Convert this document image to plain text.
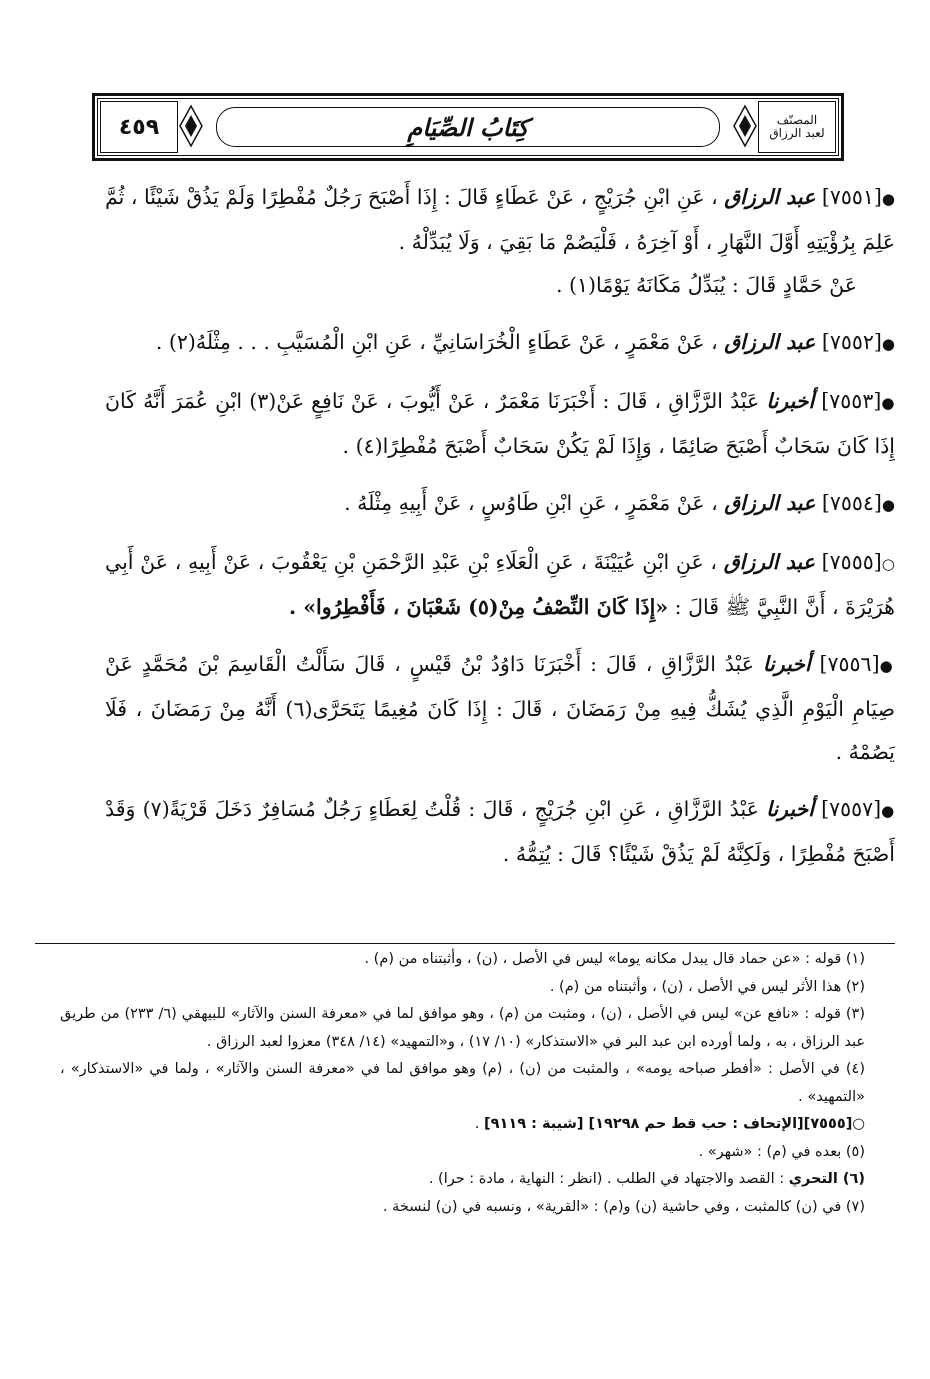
٤٥٩	كِتَابُ الصِّيَامِ	المصنّف
لعبد الرزاق

●[٧٥٥١] عبد الرزاق ، عَنِ ابْنِ جُرَيْجٍ ، عَنْ عَطَاءٍ قَالَ : إِذَا أَصْبَحَ رَجُلٌ مُفْطِرًا وَلَمْ يَذُقْ شَيْئًا ، ثُمَّ عَلِمَ بِرُؤْيَتِهِ أَوَّلَ النَّهَارِ ، أَوْ آخِرَهُ ، فَلْيَصُمْ مَا بَقِيَ ، وَلَا يُبَدِّلْهُ .

عَنْ حَمَّادٍ قَالَ : يُبَدِّلُ مَكَانَهُ يَوْمًا(١) .

●[٧٥٥٢] عبد الرزاق ، عَنْ مَعْمَرٍ ، عَنْ عَطَاءٍ الْخُرَاسَانِيِّ ، عَنِ ابْنِ الْمُسَيَّبِ . . . مِثْلَهُ(٢) .

●[٧٥٥٣] أخبرنا عَبْدُ الرَّزَّاقِ ، قَالَ : أَخْبَرَنَا مَعْمَرٌ ، عَنْ أَيُّوبَ ، عَنْ نَافِعٍ عَنْ(٣) ابْنِ عُمَرَ أَنَّهُ كَانَ إِذَا كَانَ سَحَابٌ أَصْبَحَ صَائِمًا ، وَإِذَا لَمْ يَكُنْ سَحَابٌ أَصْبَحَ مُفْطِرًا(٤) .

●[٧٥٥٤] عبد الرزاق ، عَنْ مَعْمَرٍ ، عَنِ ابْنِ طَاوُسٍ ، عَنْ أَبِيهِ مِثْلَهُ .

○[٧٥٥٥] عبد الرزاق ، عَنِ ابْنِ عُيَيْنَةَ ، عَنِ الْعَلَاءِ بْنِ عَبْدِ الرَّحْمَنِ بْنِ يَعْقُوبَ ، عَنْ أَبِيهِ ، عَنْ أَبِي هُرَيْرَةَ ، أَنَّ النَّبِيَّ ﷺ قَالَ : «إِذَا كَانَ النِّصْفُ مِنْ(٥) شَعْبَانَ ، فَأَفْطِرُوا» .

●[٧٥٥٦] أخبرنا عَبْدُ الرَّزَّاقِ ، قَالَ : أَخْبَرَنَا دَاوُدُ بْنُ قَيْسٍ ، قَالَ سَأَلْتُ الْقَاسِمَ بْنَ مُحَمَّدٍ عَنْ صِيَامِ الْيَوْمِ الَّذِي يُشَكُّ فِيهِ مِنْ رَمَضَانَ ، قَالَ : إِذَا كَانَ مُغِيمًا يَتَحَرَّى(٦) أَنَّهُ مِنْ رَمَضَانَ ، فَلَا يَصُمْهُ .

●[٧٥٥٧] أخبرنا عَبْدُ الرَّزَّاقِ ، عَنِ ابْنِ جُرَيْجٍ ، قَالَ : قُلْتُ لِعَطَاءٍ رَجُلٌ مُسَافِرٌ دَخَلَ قَرْيَةً(٧) وَقَدْ أَصْبَحَ مُفْطِرًا ، وَلَكِنَّهُ لَمْ يَذُقْ شَيْئًا؟ قَالَ : يُتِمُّهُ .

(١) قوله : «عن حماد قال يبدل مكانه يوما» ليس في الأصل ، (ن) ، وأثبتناه من (م) .

(٢) هذا الأثر ليس في الأصل ، (ن) ، وأثبتناه من (م) .

(٣) قوله : «نافع عن» ليس في الأصل ، (ن) ، ومثبت من (م) ، وهو موافق لما في «معرفة السنن والآثار» للبيهقي (٦/ ٢٣٣) من طريق عبد الرزاق ، به ، ولما أورده ابن عبد البر في «الاستذكار» (١٠/ ١٧) ، و«التمهيد» (١٤/ ٣٤٨) معزوا لعبد الرزاق .

(٤) في الأصل : «أفطر صباحه يومه» ، والمثبت من (ن) ، (م) وهو موافق لما في «معرفة السنن والآثار» ، ولما في «الاستذكار» ، «التمهيد» .

○[٧٥٥٥][الإتحاف : حب قط حم ١٩٢٩٨] [شيبة : ٩١١٩] .

(٥) بعده في (م) : «شهر» .

(٦) التحري : القصد والاجتهاد في الطلب . (انظر : النهاية ، مادة : حرا) .

(٧) في (ن) كالمثبت ، وفي حاشية (ن) و(م) : «القرية» ، ونسبه في (ن) لنسخة .
